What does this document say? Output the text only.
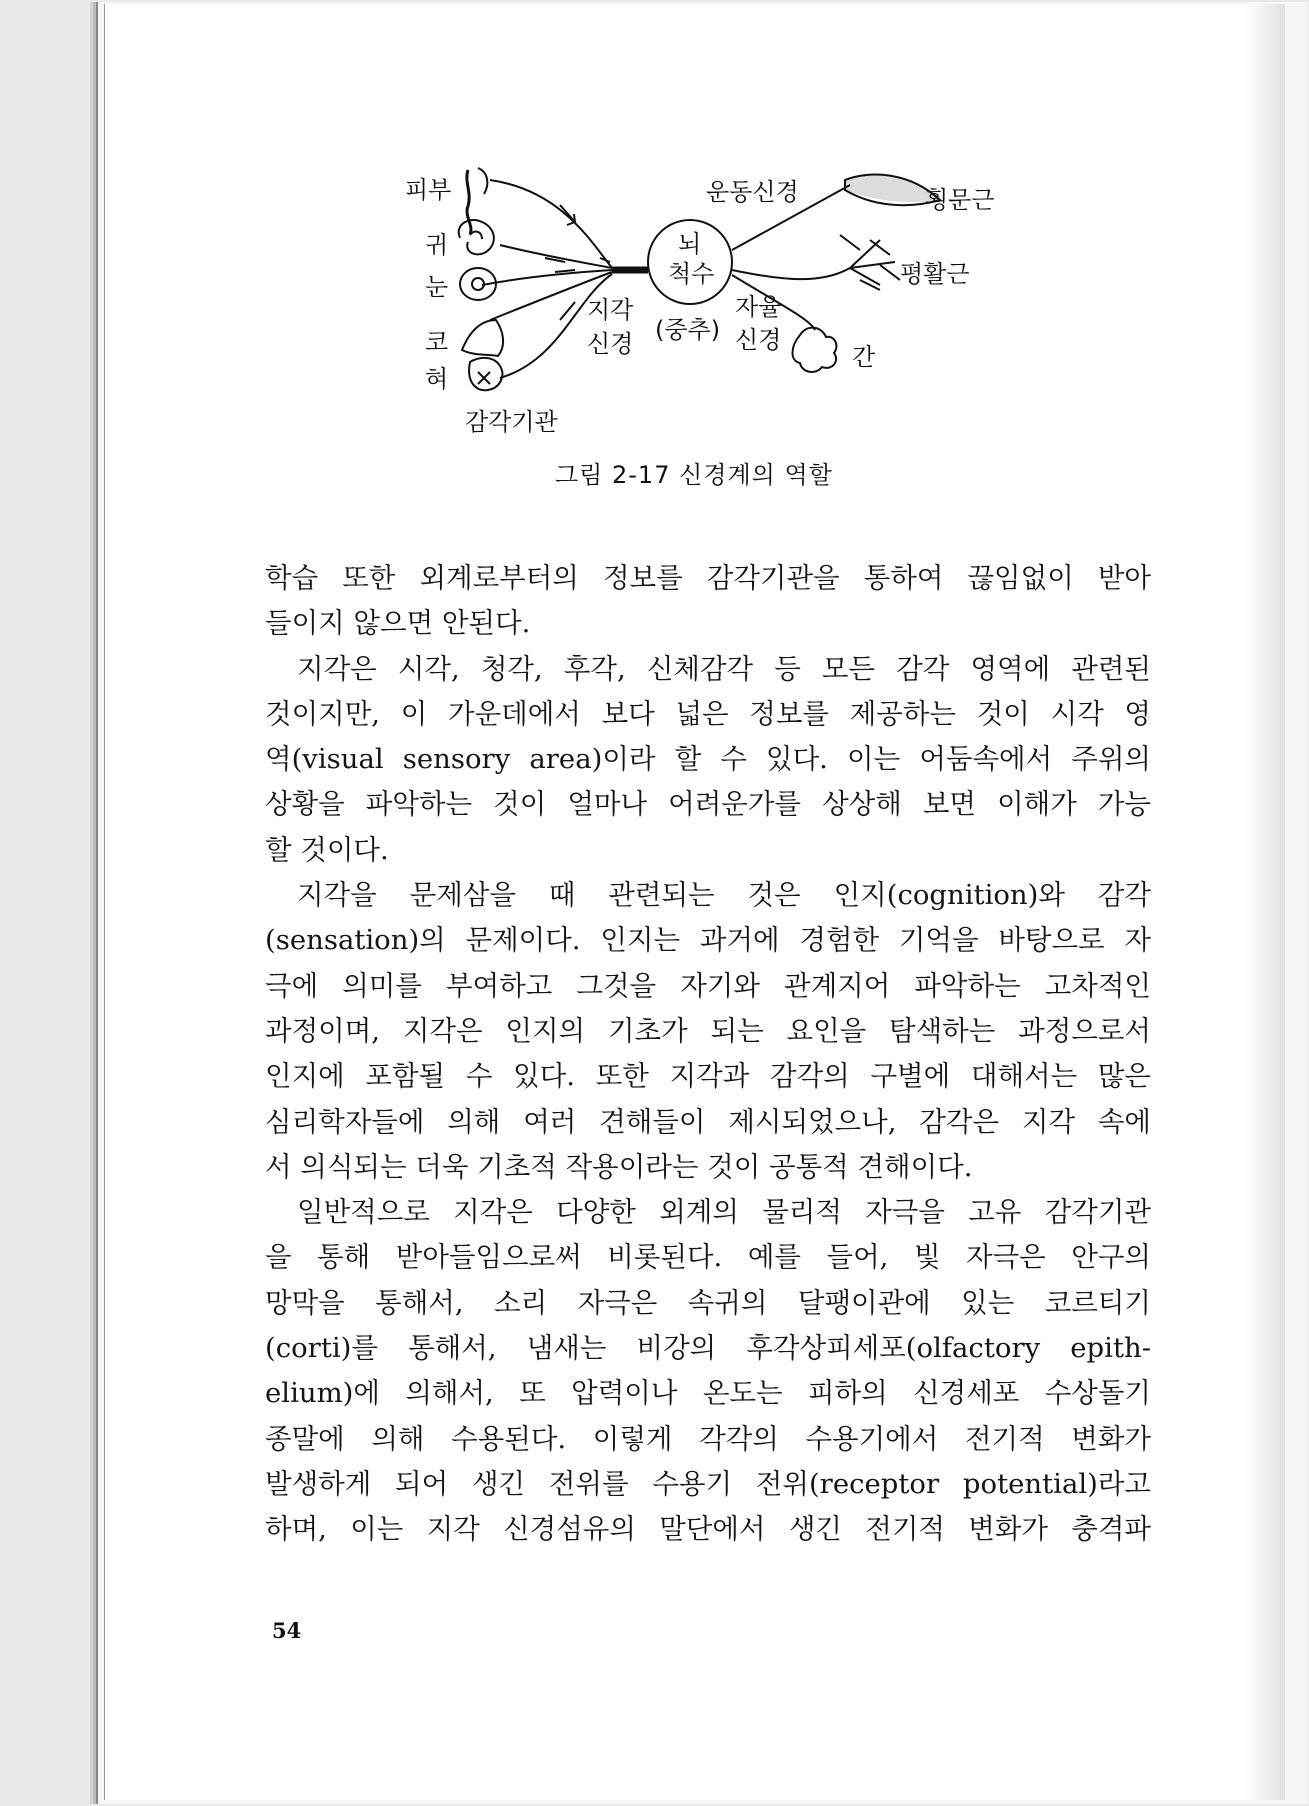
피부
귀
눈
코
혀
감각기관
지각
신경
뇌
척수
(중추)
운동신경	횡문근
평활근
자율
신경
간
그림 2-17 신경계의 역할
학습 또한 외계로부터의 정보를 감각기관을 통하여 끊임없이 받아
들이지 않으면 안된다.
지각은 시각, 청각, 후각, 신체감각 등 모든 감각 영역에 관련된
것이지만, 이 가운데에서 보다 넓은 정보를 제공하는 것이 시각 영
역(visual sensory area)이라 할 수 있다. 이는 어둠속에서 주위의
상황을 파악하는 것이 얼마나 어려운가를 상상해 보면 이해가 가능
할 것이다.
지각을 문제삼을 때 관련되는 것은 인지(cognition)와 감각
(sensation)의 문제이다. 인지는 과거에 경험한 기억을 바탕으로 자
극에 의미를 부여하고 그것을 자기와 관계지어 파악하는 고차적인
과정이며, 지각은 인지의 기초가 되는 요인을 탐색하는 과정으로서
인지에 포함될 수 있다. 또한 지각과 감각의 구별에 대해서는 많은
심리학자들에 의해 여러 견해들이 제시되었으나, 감각은 지각 속에
서 의식되는 더욱 기초적 작용이라는 것이 공통적 견해이다.
일반적으로 지각은 다양한 외계의 물리적 자극을 고유 감각기관
을 통해 받아들임으로써 비롯된다. 예를 들어, 빛 자극은 안구의
망막을 통해서, 소리 자극은 속귀의 달팽이관에 있는 코르티기
(corti)를 통해서, 냄새는 비강의 후각상피세포(olfactory epith-
elium)에 의해서, 또 압력이나 온도는 피하의 신경세포 수상돌기
종말에 의해 수용된다. 이렇게 각각의 수용기에서 전기적 변화가
발생하게 되어 생긴 전위를 수용기 전위(receptor potential)라고
하며, 이는 지각 신경섬유의 말단에서 생긴 전기적 변화가 충격파
54
